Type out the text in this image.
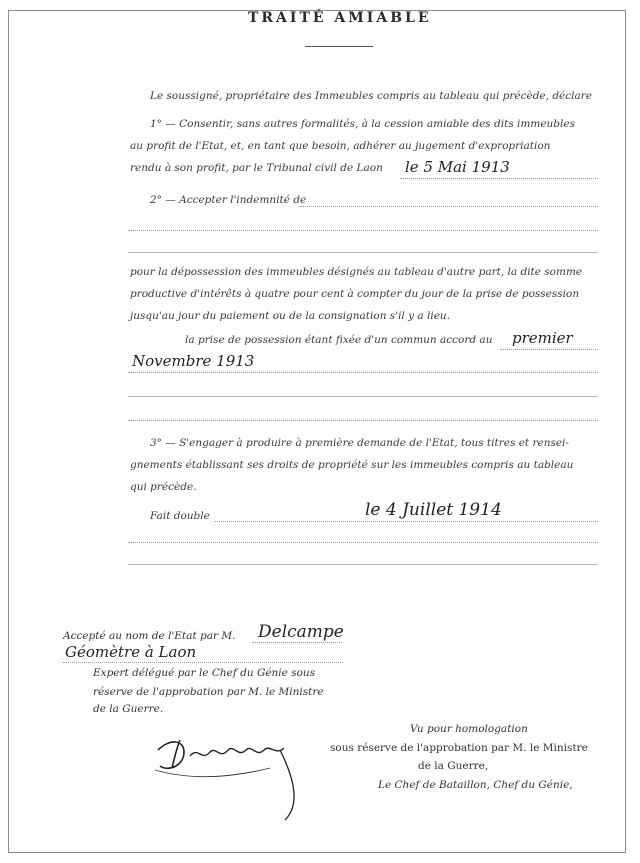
TRAITÉ AMIABLE
Le soussigné, propriétaire des Immeubles compris au tableau qui précède, déclare
1° — Consentir, sans autres formalités, à la cession amiable des dits immeubles
au profit de l'Etat, et, en tant que besoin, adhérer au jugement d'expropriation
rendu à son profit, par le Tribunal civil de Laon le 5 Mai 1913
2° — Accepter l'indemnité de
pour la dépossession des immeubles désignés au tableau d'autre part, la dite somme
productive d'intérêts à quatre pour cent à compter du jour de la prise de possession
jusqu'au jour du paiement ou de la consignation s'il y a lieu.
la prise de possession étant fixée d'un commun accord au premier
Novembre 1913
3° — S'engager à produire à première demande de l'Etat, tous titres et rensei-
gnements établissant ses droits de propriété sur les immeubles compris au tableau
qui précède.
Fait double	le 4 Juillet 1914
Accepté au nom de l'Etat par M. Delcampe
Géomètre à Laon
Expert délégué par le Chef du Génie sous
réserve de l'approbation par M. le Ministre
de la Guerre.
Vu pour homologation
sous réserve de l'approbation par M. le Ministre
de la Guerre,
Le Chef de Bataillon, Chef du Génie,
